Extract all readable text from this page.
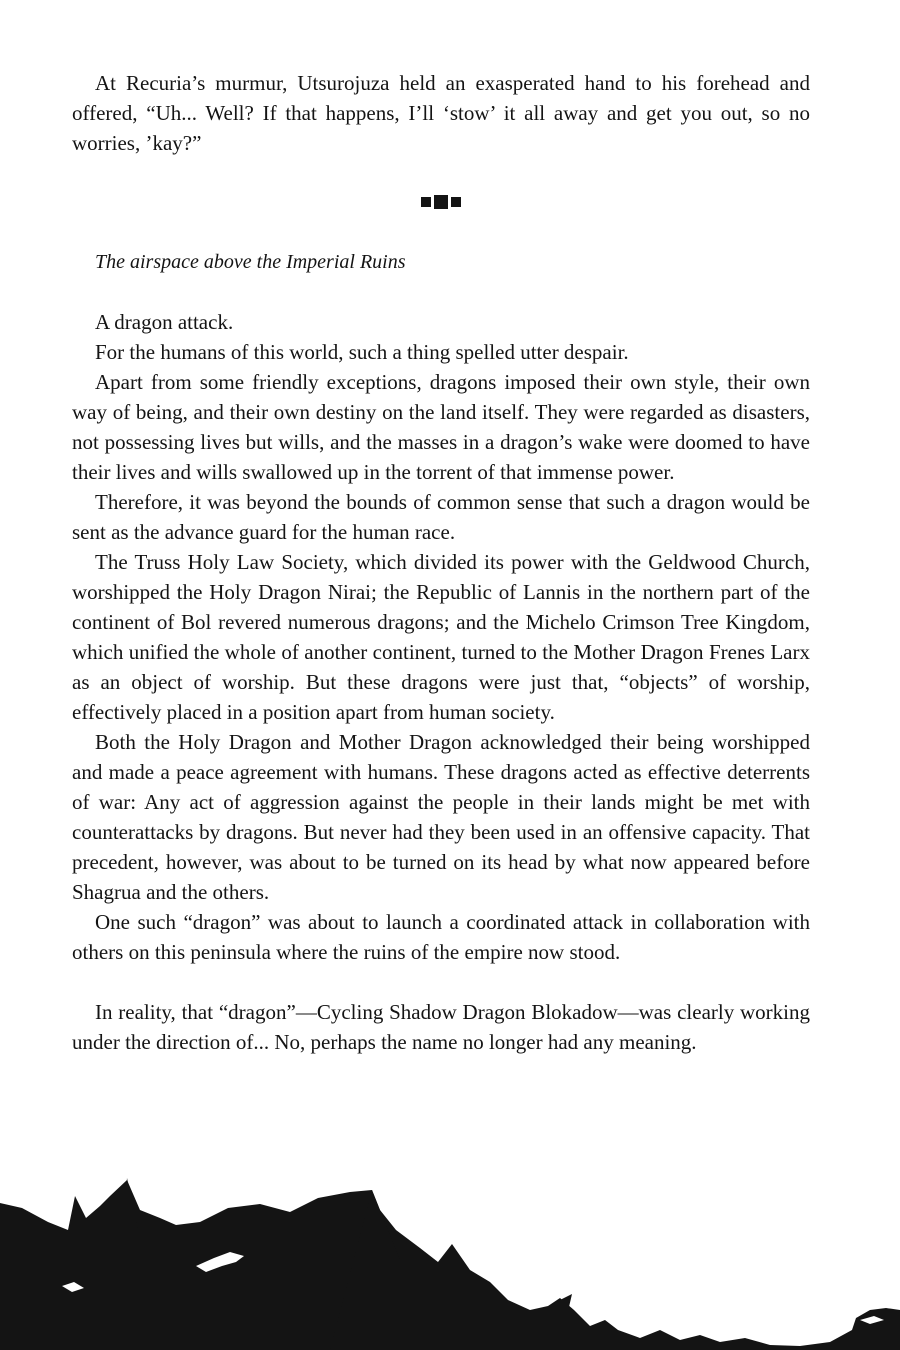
At Recuria’s murmur, Utsurojuza held an exasperated hand to his forehead and offered, “Uh... Well? If that happens, I’ll ‘stow’ it all away and get you out, so no worries, ’kay?”

The airspace above the Imperial Ruins

A dragon attack.

For the humans of this world, such a thing spelled utter despair.

Apart from some friendly exceptions, dragons imposed their own style, their own way of being, and their own destiny on the land itself. They were regarded as disasters, not possessing lives but wills, and the masses in a dragon’s wake were doomed to have their lives and wills swallowed up in the torrent of that immense power.

Therefore, it was beyond the bounds of common sense that such a dragon would be sent as the advance guard for the human race.

The Truss Holy Law Society, which divided its power with the Geldwood Church, worshipped the Holy Dragon Nirai; the Republic of Lannis in the northern part of the continent of Bol revered numerous dragons; and the Michelo Crimson Tree Kingdom, which unified the whole of another continent, turned to the Mother Dragon Frenes Larx as an object of worship. But these dragons were just that, “objects” of worship, effectively placed in a position apart from human society.

Both the Holy Dragon and Mother Dragon acknowledged their being worshipped and made a peace agreement with humans. These dragons acted as effective deterrents of war: Any act of aggression against the people in their lands might be met with counterattacks by dragons. But never had they been used in an offensive capacity. That precedent, however, was about to be turned on its head by what now appeared before Shagrua and the others.

One such “dragon” was about to launch a coordinated attack in collaboration with others on this peninsula where the ruins of the empire now stood.

In reality, that “dragon”—Cycling Shadow Dragon Blokadow—was clearly working under the direction of... No, perhaps the name no longer had any meaning.
